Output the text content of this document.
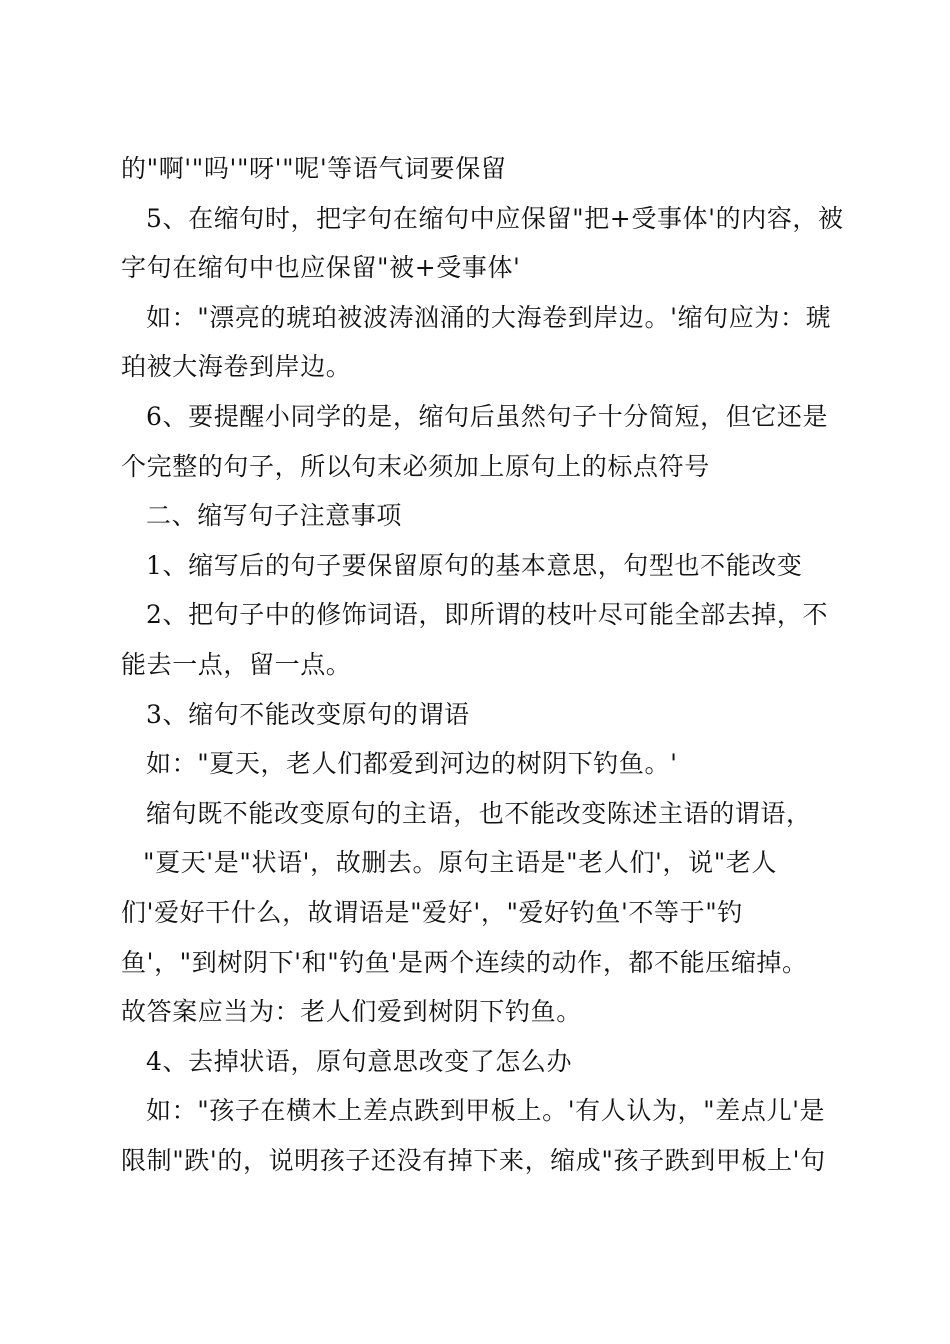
的"啊'"吗'"呀'"呢'等语气词要保留
5、在缩句时，把字句在缩句中应保留"把+受事体'的内容，被
字句在缩句中也应保留"被+受事体'
如："漂亮的琥珀被波涛汹涌的大海卷到岸边。'缩句应为：琥
珀被大海卷到岸边。
6、要提醒小同学的是，缩句后虽然句子十分简短，但它还是
个完整的句子，所以句末必须加上原句上的标点符号
二、缩写句子注意事项
1、缩写后的句子要保留原句的基本意思，句型也不能改变
2、把句子中的修饰词语，即所谓的枝叶尽可能全部去掉，不
能去一点，留一点。
3、缩句不能改变原句的谓语
如："夏天，老人们都爱到河边的树阴下钓鱼。'
缩句既不能改变原句的主语，也不能改变陈述主语的谓语，
"夏天'是"状语'，故删去。原句主语是"老人们'，说"老人
们'爱好干什么，故谓语是"爱好'，"爱好钓鱼'不等于"钓
鱼'，"到树阴下'和"钓鱼'是两个连续的动作，都不能压缩掉。
故答案应当为：老人们爱到树阴下钓鱼。
4、去掉状语，原句意思改变了怎么办
如："孩子在横木上差点跌到甲板上。'有人认为，"差点儿'是
限制"跌'的，说明孩子还没有掉下来，缩成"孩子跌到甲板上'句
